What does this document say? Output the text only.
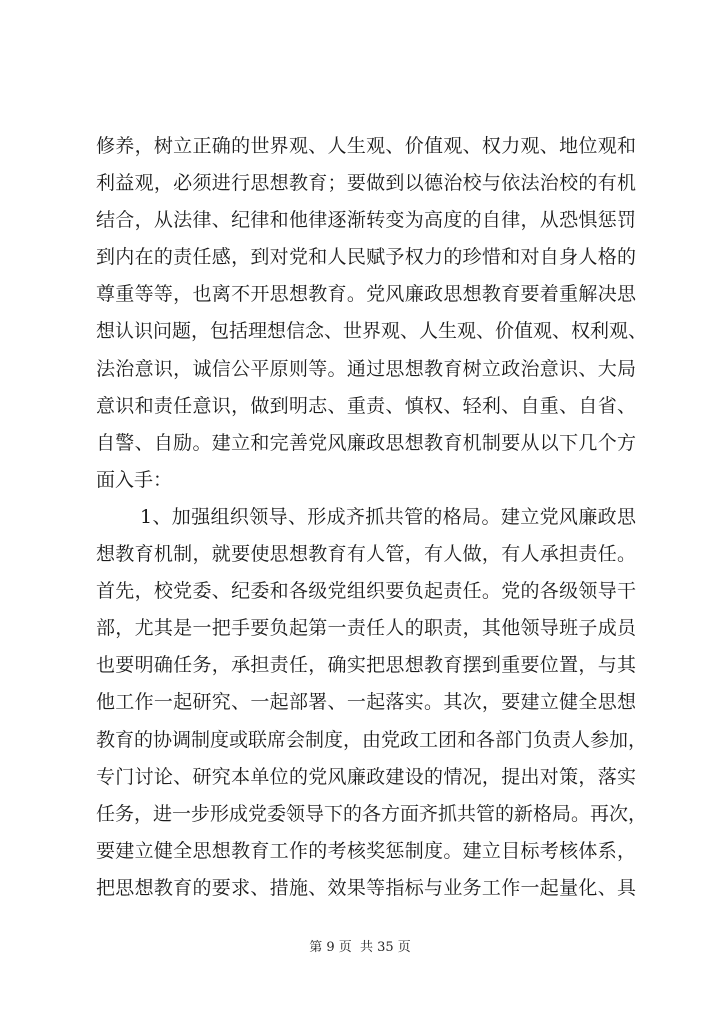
修养，树立正确的世界观、人生观、价值观、权力观、地位观和
利益观，必须进行思想教育；要做到以德治校与依法治校的有机
结合，从法律、纪律和他律逐渐转变为高度的自律，从恐惧惩罚
到内在的责任感，到对党和人民赋予权力的珍惜和对自身人格的
尊重等等，也离不开思想教育。党风廉政思想教育要着重解决思
想认识问题，包括理想信念、世界观、人生观、价值观、权利观、
法治意识，诚信公平原则等。通过思想教育树立政治意识、大局
意识和责任意识，做到明志、重责、慎权、轻利、自重、自省、
自警、自励。建立和完善党风廉政思想教育机制要从以下几个方
面入手：
1、加强组织领导、形成齐抓共管的格局。建立党风廉政思
想教育机制，就要使思想教育有人管，有人做，有人承担责任。
首先，校党委、纪委和各级党组织要负起责任。党的各级领导干
部，尤其是一把手要负起第一责任人的职责，其他领导班子成员
也要明确任务，承担责任，确实把思想教育摆到重要位置，与其
他工作一起研究、一起部署、一起落实。其次，要建立健全思想
教育的协调制度或联席会制度，由党政工团和各部门负责人参加，
专门讨论、研究本单位的党风廉政建设的情况，提出对策，落实
任务，进一步形成党委领导下的各方面齐抓共管的新格局。再次，
要建立健全思想教育工作的考核奖惩制度。建立目标考核体系，
把思想教育的要求、措施、效果等指标与业务工作一起量化、具
第 9 页  共 35 页
